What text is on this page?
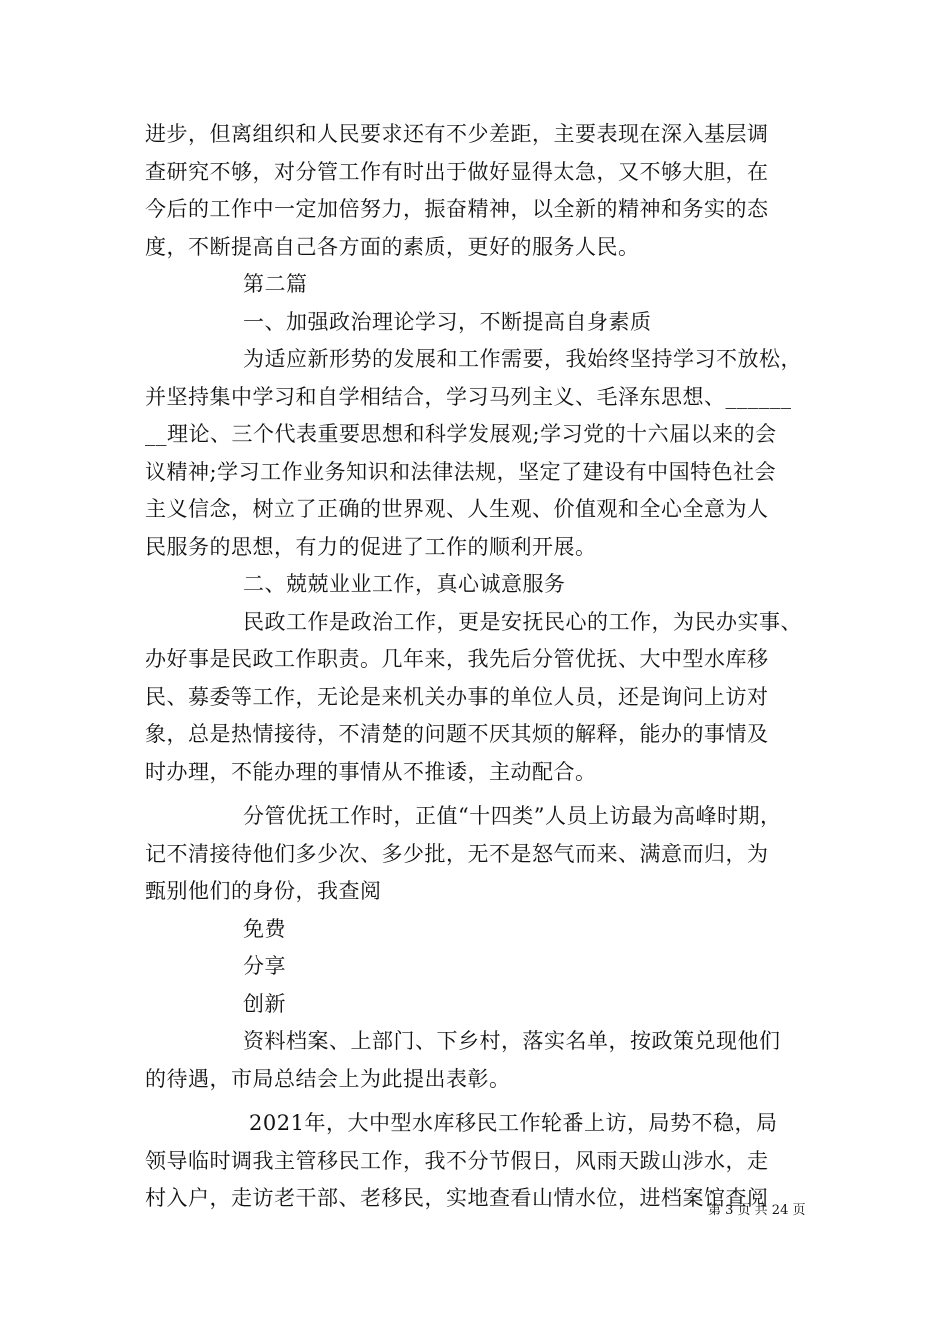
进步，但离组织和人民要求还有不少差距，主要表现在深入基层调
查研究不够，对分管工作有时出于做好显得太急，又不够大胆，在
今后的工作中一定加倍努力，振奋精神，以全新的精神和务实的态
度，不断提高自己各方面的素质，更好的服务人民。
第二篇
一、加强政治理论学习，不断提高自身素质
为适应新形势的发展和工作需要，我始终坚持学习不放松，
并坚持集中学习和自学相结合，学习马列主义、毛泽东思想、______
__理论、三个代表重要思想和科学发展观;学习党的十六届以来的会
议精神;学习工作业务知识和法律法规，坚定了建设有中国特色社会
主义信念，树立了正确的世界观、人生观、价值观和全心全意为人
民服务的思想，有力的促进了工作的顺利开展。
二、兢兢业业工作，真心诚意服务
民政工作是政治工作，更是安抚民心的工作，为民办实事、
办好事是民政工作职责。几年来，我先后分管优抚、大中型水库移
民、募委等工作，无论是来机关办事的单位人员，还是询问上访对
象，总是热情接待，不清楚的问题不厌其烦的解释，能办的事情及
时办理，不能办理的事情从不推诿，主动配合。
分管优抚工作时，正值“十四类”人员上访最为高峰时期，
记不清接待他们多少次、多少批，无不是怒气而来、满意而归，为
甄别他们的身份，我查阅
免费
分享
创新
资料档案、上部门、下乡村，落实名单，按政策兑现他们
的待遇，市局总结会上为此提出表彰。
2021年，大中型水库移民工作轮番上访，局势不稳，局
领导临时调我主管移民工作，我不分节假日，风雨天跋山涉水，走
村入户，走访老干部、老移民，实地查看山情水位，进档案馆查阅
第 3 页 共 24 页
